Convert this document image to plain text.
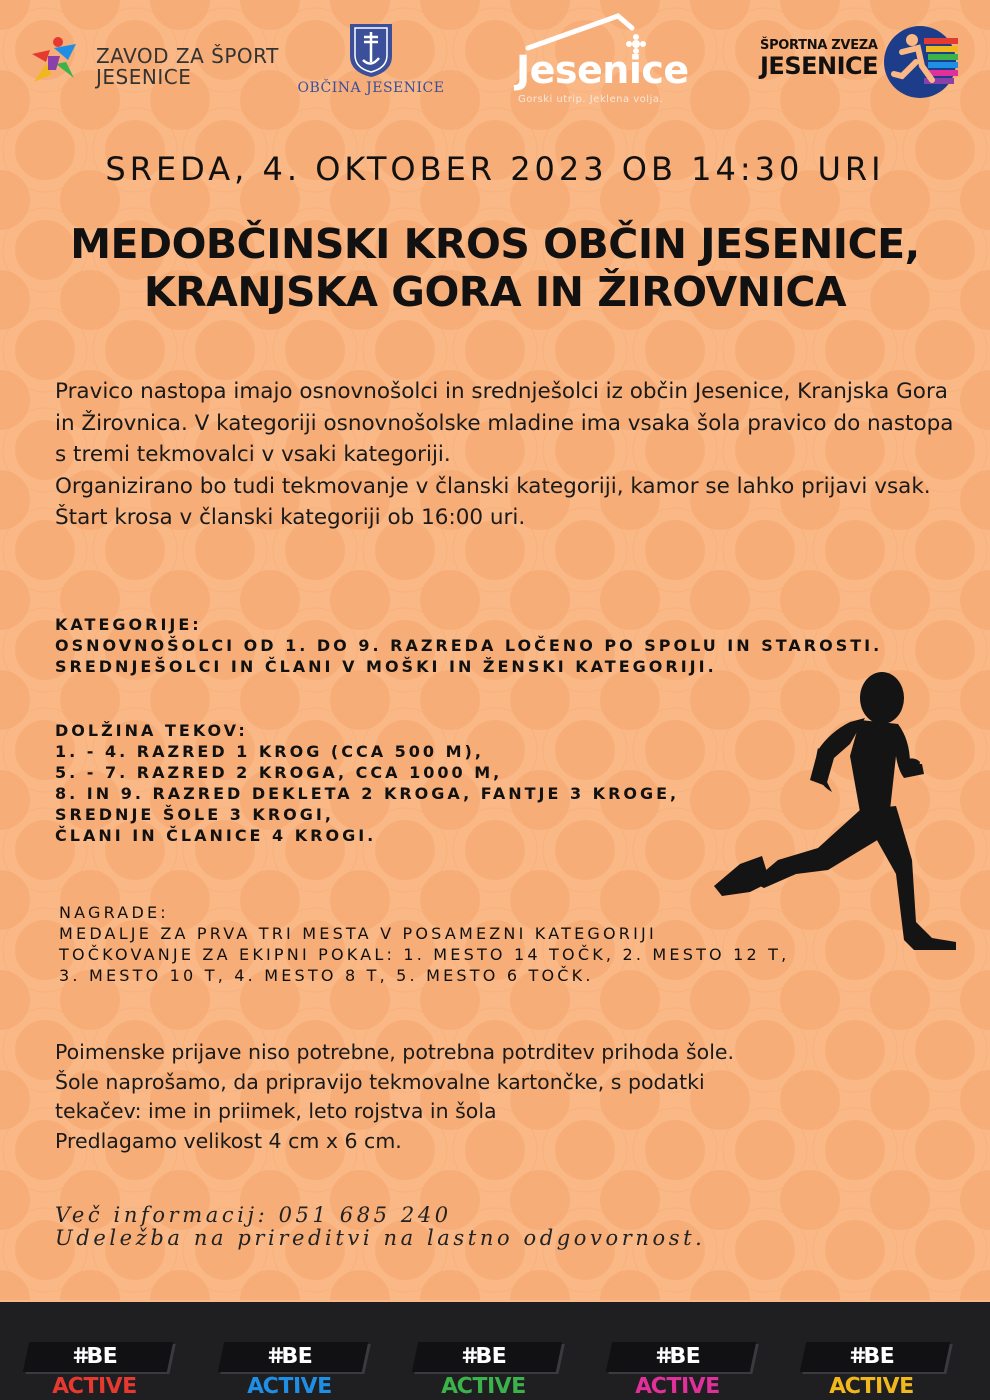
ZAVOD ZA ŠPORT
JESENICE	OBČINA JESENICE Jesenice
Gorski utrip. Jeklena volja.
ŠPORTNA ZVEZA
JESENICE
SREDA, 4. OKTOBER 2023 OB 14:30 URI
MEDOBČINSKI KROS OBČIN JESENICE,
KRANJSKA GORA IN ŽIROVNICA

Pravico nastopa imajo osnovnošolci in srednješolci iz občin Jesenice, Kranjska Gora in Žirovnica. V kategoriji osnovnošolske mladine ima vsaka šola pravico do nastopa s tremi tekmovalci v vsaki kategoriji.

Organizirano bo tudi tekmovanje v članski kategoriji, kamor se lahko prijavi vsak. Štart krosa v članski kategoriji ob 16:00 uri.

KATEGORIJE:
OSNOVNOŠOLCI OD 1. DO 9. RAZREDA LOČENO PO SPOLU IN STAROSTI.
SREDNJEŠOLCI IN ČLANI V MOŠKI IN ŽENSKI KATEGORIJI.
DOLŽINA TEKOV:
1. - 4. RAZRED 1 KROG (CCA 500 M),
5. - 7. RAZRED 2 KROGA, CCA 1000 M,
8. IN 9. RAZRED DEKLETA 2 KROGA, FANTJE 3 KROGE,
SREDNJE ŠOLE 3 KROGI,
ČLANI IN ČLANICE 4 KROGI.
NAGRADE:
MEDALJE ZA PRVA TRI MESTA V POSAMEZNI KATEGORIJI
TOČKOVANJE ZA EKIPNI POKAL: 1. MESTO 14 TOČK, 2. MESTO 12 T,
3. MESTO 10 T, 4. MESTO 8 T, 5. MESTO 6 TOČK.
Poimenske prijave niso potrebne, potrebna potrditev prihoda šole.
Šole naprošamo, da pripravijo tekmovalne kartončke, s podatki
tekačev: ime in priimek, leto rojstva in šola
Predlagamo velikost 4 cm x 6 cm.
Več informacij: 051 685 240
Udeležba na prireditvi na lastno odgovornost.
#BE
ACTIVE
#BE
ACTIVE
#BE
ACTIVE
#BE
ACTIVE
#BE
ACTIVE
